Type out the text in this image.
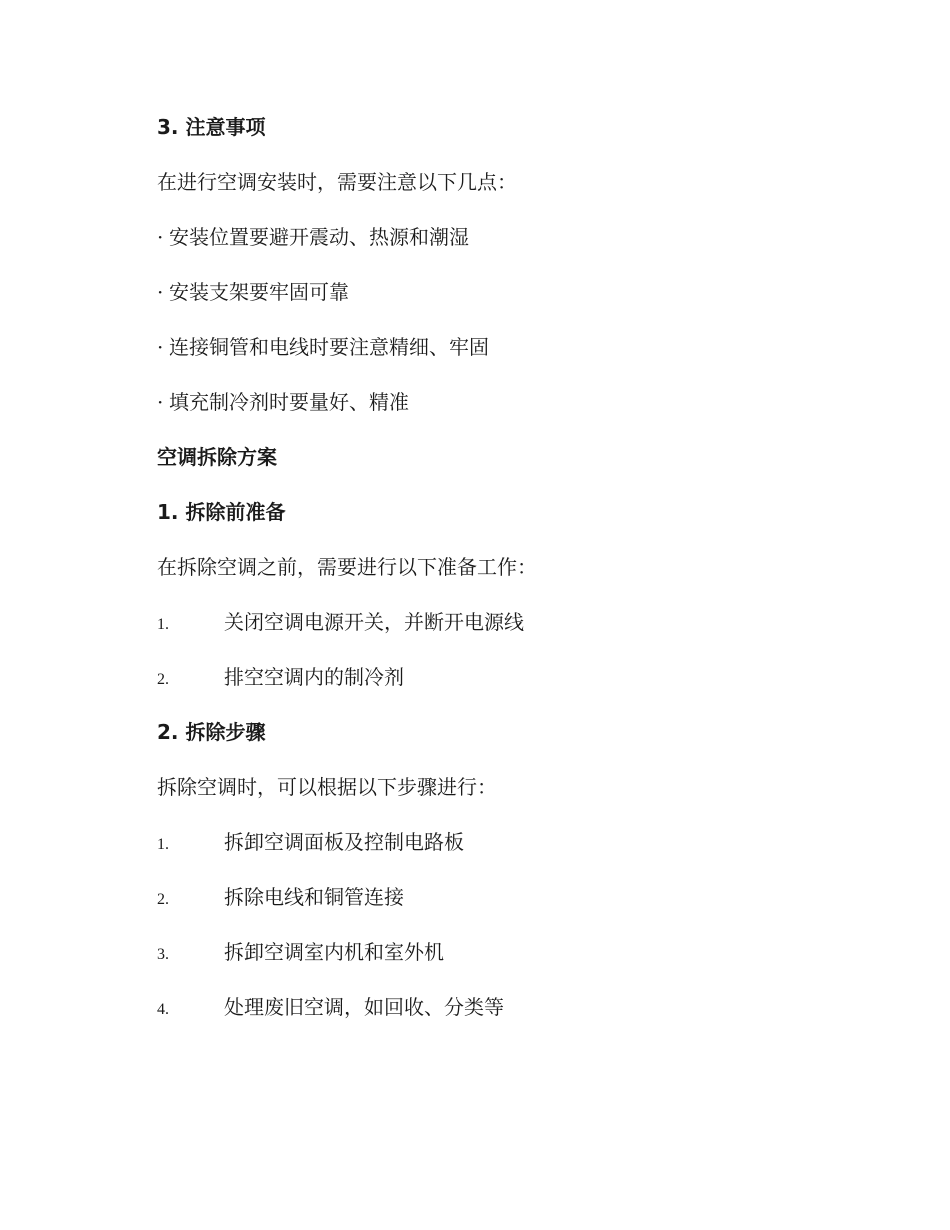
3. 注意事项
在进行空调安装时，需要注意以下几点：
· 安装位置要避开震动、热源和潮湿
· 安装支架要牢固可靠
· 连接铜管和电线时要注意精细、牢固
· 填充制冷剂时要量好、精准
空调拆除方案
1. 拆除前准备
在拆除空调之前，需要进行以下准备工作：
1.	关闭空调电源开关，并断开电源线
2.	排空空调内的制冷剂
2. 拆除步骤
拆除空调时，可以根据以下步骤进行：
1.	拆卸空调面板及控制电路板
2.	拆除电线和铜管连接
3.	拆卸空调室内机和室外机
4.	处理废旧空调，如回收、分类等
